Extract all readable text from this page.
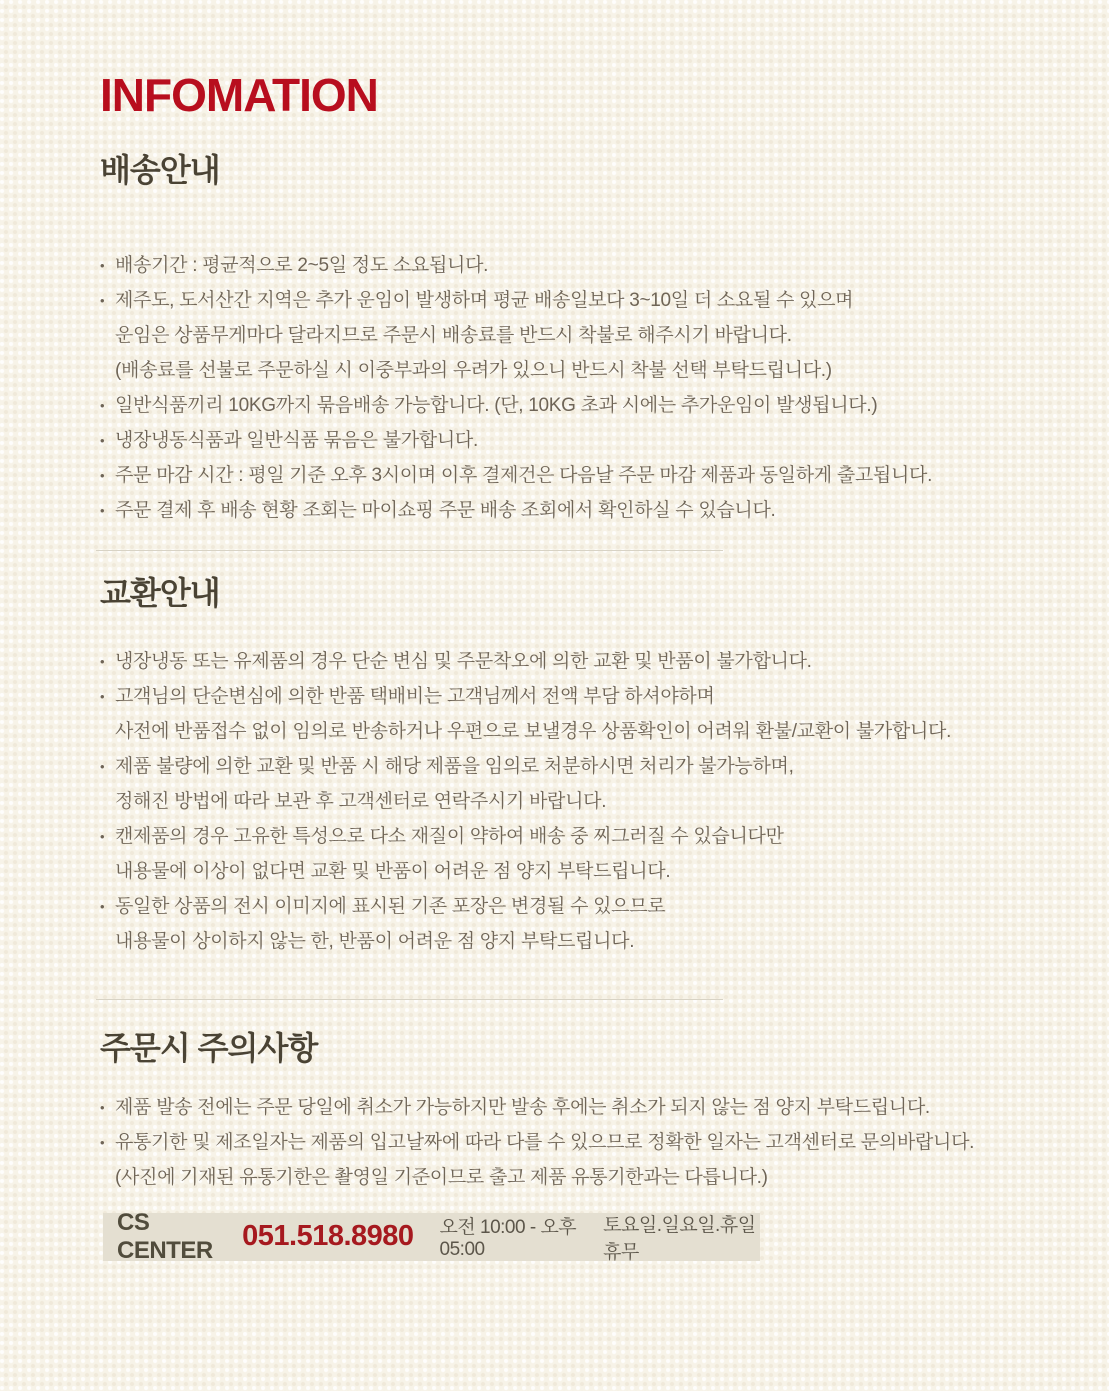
INFOMATION
배송안내
• 배송기간 : 평균적으로 2~5일 정도 소요됩니다.
• 제주도, 도서산간 지역은 추가 운임이 발생하며 평균 배송일보다 3~10일 더 소요될 수 있으며
운임은 상품무게마다 달라지므로 주문시 배송료를 반드시 착불로 해주시기 바랍니다.
(배송료를 선불로 주문하실 시 이중부과의 우려가 있으니 반드시 착불 선택 부탁드립니다.)
• 일반식품끼리 10KG까지 묶음배송 가능합니다. (단, 10KG 초과 시에는 추가운임이 발생됩니다.)
• 냉장냉동식품과 일반식품 묶음은 불가합니다.
• 주문 마감 시간 : 평일 기준 오후 3시이며 이후 결제건은 다음날 주문 마감 제품과 동일하게 출고됩니다.
• 주문 결제 후 배송 현황 조회는 마이쇼핑 주문 배송 조회에서 확인하실 수 있습니다.
교환안내
• 냉장냉동 또는 유제품의 경우 단순 변심 및 주문착오에 의한 교환 및 반품이 불가합니다.
• 고객님의 단순변심에 의한 반품 택배비는 고객님께서 전액 부담 하셔야하며
사전에 반품접수 없이 임의로 반송하거나 우편으로 보낼경우 상품확인이 어려워 환불/교환이 불가합니다.
• 제품 불량에 의한 교환 및 반품 시 해당 제품을 임의로 처분하시면 처리가 불가능하며,
정해진 방법에 따라 보관 후 고객센터로 연락주시기 바랍니다.
• 캔제품의 경우 고유한 특성으로 다소 재질이 약하여 배송 중 찌그러질 수 있습니다만
내용물에 이상이 없다면 교환 및 반품이 어려운 점 양지 부탁드립니다.
• 동일한 상품의 전시 이미지에 표시된 기존 포장은 변경될 수 있으므로
내용물이 상이하지 않는 한, 반품이 어려운 점 양지 부탁드립니다.
주문시 주의사항
• 제품 발송 전에는 주문 당일에 취소가 가능하지만 발송 후에는 취소가 되지 않는 점 양지 부탁드립니다.
• 유통기한 및 제조일자는 제품의 입고날짜에 따라 다를 수 있으므로 정확한 일자는 고객센터로 문의바랍니다.
(사진에 기재된 유통기한은 촬영일 기준이므로 출고 제품 유통기한과는 다릅니다.)
CS CENTER	051.518.8980 오전 10:00 - 오후 05:00
토요일.일요일.휴일 휴무
